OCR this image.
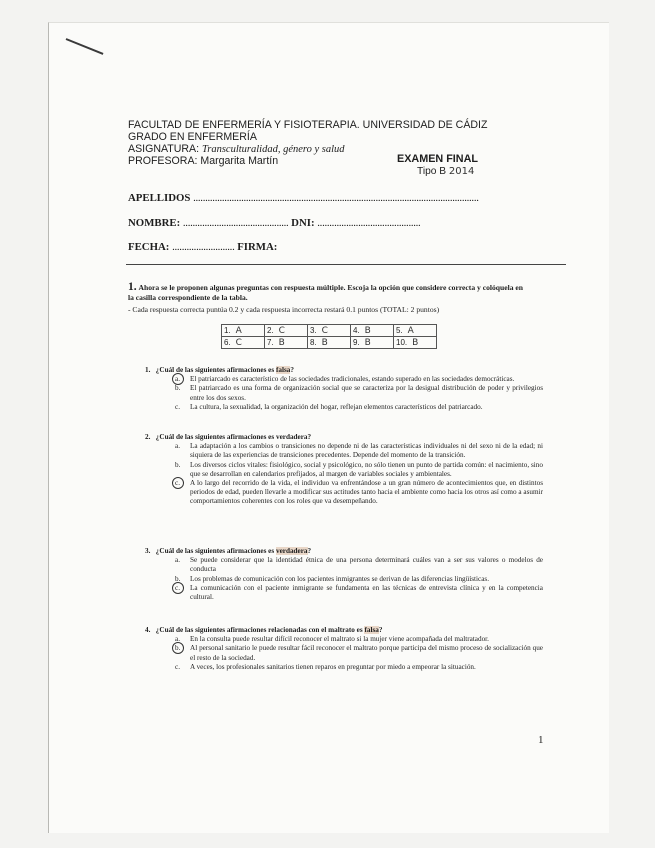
FACULTAD DE ENFERMERÍA Y FISIOTERAPIA. UNIVERSIDAD DE CÁDIZ
GRADO EN ENFERMERÍA
ASIGNATURA: Transculturalidad, género y salud
PROFESORA: Margarita Martín	EXAMEN FINAL
Tipo B 2014
APELLIDOS .......................................................................................................................
NOMBRE: ............................................ DNI: ...........................................
FECHA: .......................... FIRMA:
1. Ahora se le proponen algunas preguntas con respuesta múltiple. Escoja la opción que considere correcta y colóquela en la casilla correspondiente de la tabla.
- Cada respuesta correcta puntúa 0.2 y cada respuesta incorrecta restará 0.1 puntos (TOTAL: 2 puntos)
1. A	2. C	3. C	4. B	5. A
6. C	7. B	8. B	9. B	10. B
1. ¿Cuál de las siguientes afirmaciones es falsa?
a. El patriarcado es característico de las sociedades tradicionales, estando superado en las sociedades democráticas.
b. El patriarcado es una forma de organización social que se caracteriza por la desigual distribución de poder y privilegios entre los dos sexos.
c. La cultura, la sexualidad, la organización del hogar, reflejan elementos característicos del patriarcado.
2. ¿Cuál de las siguientes afirmaciones es verdadera?
a. La adaptación a los cambios o transiciones no depende ni de las características individuales ni del sexo ni de la edad; ni siquiera de las experiencias de transiciones precedentes. Depende del momento de la transición.
b. Los diversos ciclos vitales: fisiológico, social y psicológico, no sólo tienen un punto de partida común: el nacimiento, sino que se desarrollan en calendarios prefijados, al margen de variables sociales y ambientales.
c. A lo largo del recorrido de la vida, el individuo va enfrentándose a un gran número de acontecimientos que, en distintos periodos de edad, pueden llevarle a modificar sus actitudes tanto hacia el ambiente como hacia los otros así como a asumir comportamientos coherentes con los roles que va desempeñando.
3. ¿Cuál de las siguientes afirmaciones es verdadera?
a. Se puede considerar que la identidad étnica de una persona determinará cuáles van a ser sus valores o modelos de conducta
b. Los problemas de comunicación con los pacientes inmigrantes se derivan de las diferencias lingüísticas.
c. La comunicación con el paciente inmigrante se fundamenta en las técnicas de entrevista clínica y en la competencia cultural.
4. ¿Cuál de las siguientes afirmaciones relacionadas con el maltrato es falsa?
a. En la consulta puede resultar difícil reconocer el maltrato si la mujer viene acompañada del maltratador.
b. Al personal sanitario le puede resultar fácil reconocer el maltrato porque participa del mismo proceso de socialización que el resto de la sociedad.
c. A veces, los profesionales sanitarios tienen reparos en preguntar por miedo a empeorar la situación.
1
